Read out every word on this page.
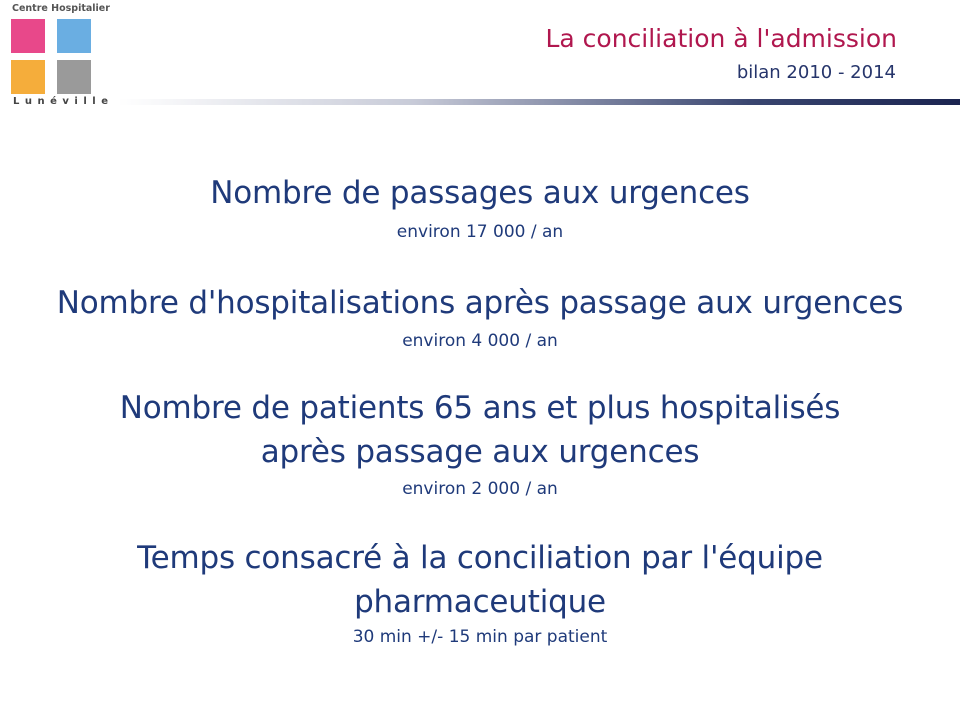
Centre Hospitalier
Lunéville
La conciliation à l'admission
bilan 2010 - 2014
Nombre de passages aux urgences
environ 17 000 / an
Nombre d'hospitalisations après passage aux urgences
environ 4 000 / an
Nombre de patients 65 ans et plus hospitalisés
après passage aux urgences
environ 2 000 / an
Temps consacré à la conciliation par l'équipe
pharmaceutique
30 min +/- 15 min par patient
